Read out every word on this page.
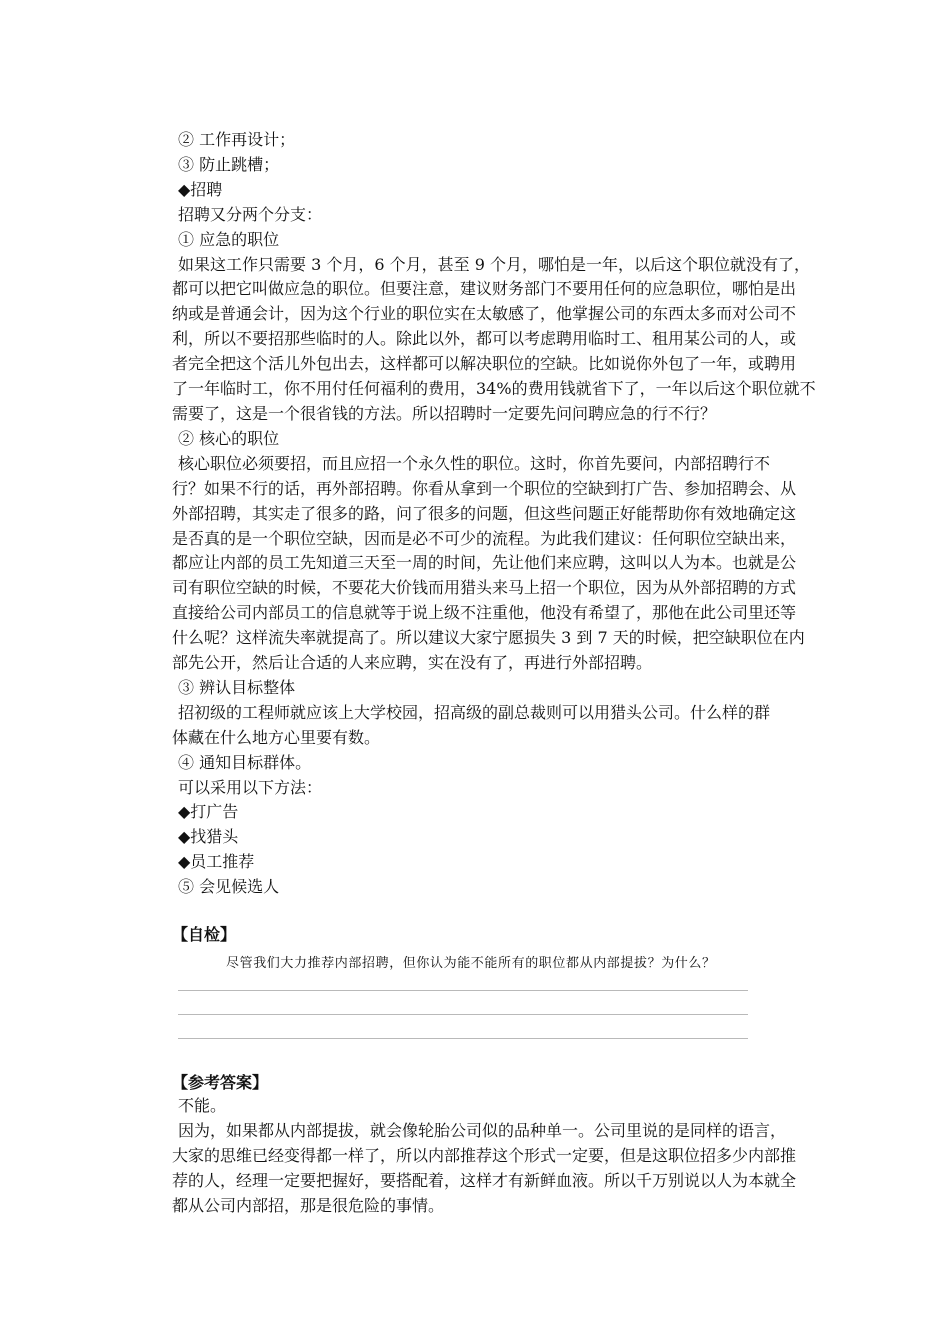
② 工作再设计；

③ 防止跳槽；

◆招聘

招聘又分两个分支：

① 应急的职位

如果这工作只需要 3 个月，6 个月，甚至 9 个月，哪怕是一年，以后这个职位就没有了，

都可以把它叫做应急的职位。但要注意，建议财务部门不要用任何的应急职位，哪怕是出

纳或是普通会计，因为这个行业的职位实在太敏感了，他掌握公司的东西太多而对公司不

利，所以不要招那些临时的人。除此以外，都可以考虑聘用临时工、租用某公司的人，或

者完全把这个活儿外包出去，这样都可以解决职位的空缺。比如说你外包了一年，或聘用

了一年临时工，你不用付任何福利的费用，34%的费用钱就省下了，一年以后这个职位就不

需要了，这是一个很省钱的方法。所以招聘时一定要先问问聘应急的行不行？

② 核心的职位

核心职位必须要招，而且应招一个永久性的职位。这时，你首先要问，内部招聘行不

行？如果不行的话，再外部招聘。你看从拿到一个职位的空缺到打广告、参加招聘会、从

外部招聘，其实走了很多的路，问了很多的问题，但这些问题正好能帮助你有效地确定这

是否真的是一个职位空缺，因而是必不可少的流程。为此我们建议：任何职位空缺出来，

都应让内部的员工先知道三天至一周的时间，先让他们来应聘，这叫以人为本。也就是公

司有职位空缺的时候，不要花大价钱而用猎头来马上招一个职位，因为从外部招聘的方式

直接给公司内部员工的信息就等于说上级不注重他，他没有希望了，那他在此公司里还等

什么呢？这样流失率就提高了。所以建议大家宁愿损失 3 到 7 天的时候，把空缺职位在内

部先公开，然后让合适的人来应聘，实在没有了，再进行外部招聘。

③ 辨认目标整体

招初级的工程师就应该上大学校园，招高级的副总裁则可以用猎头公司。什么样的群

体藏在什么地方心里要有数。

④ 通知目标群体。

可以采用以下方法：

◆打广告

◆找猎头

◆员工推荐

⑤ 会见候选人

【自检】
尽管我们大力推荐内部招聘，但你认为能不能所有的职位都从内部提拔？为什么？
【参考答案】

不能。

因为，如果都从内部提拔，就会像轮胎公司似的品种单一。公司里说的是同样的语言，

大家的思维已经变得都一样了，所以内部推荐这个形式一定要，但是这职位招多少内部推

荐的人，经理一定要把握好，要搭配着，这样才有新鲜血液。所以千万别说以人为本就全

都从公司内部招，那是很危险的事情。
